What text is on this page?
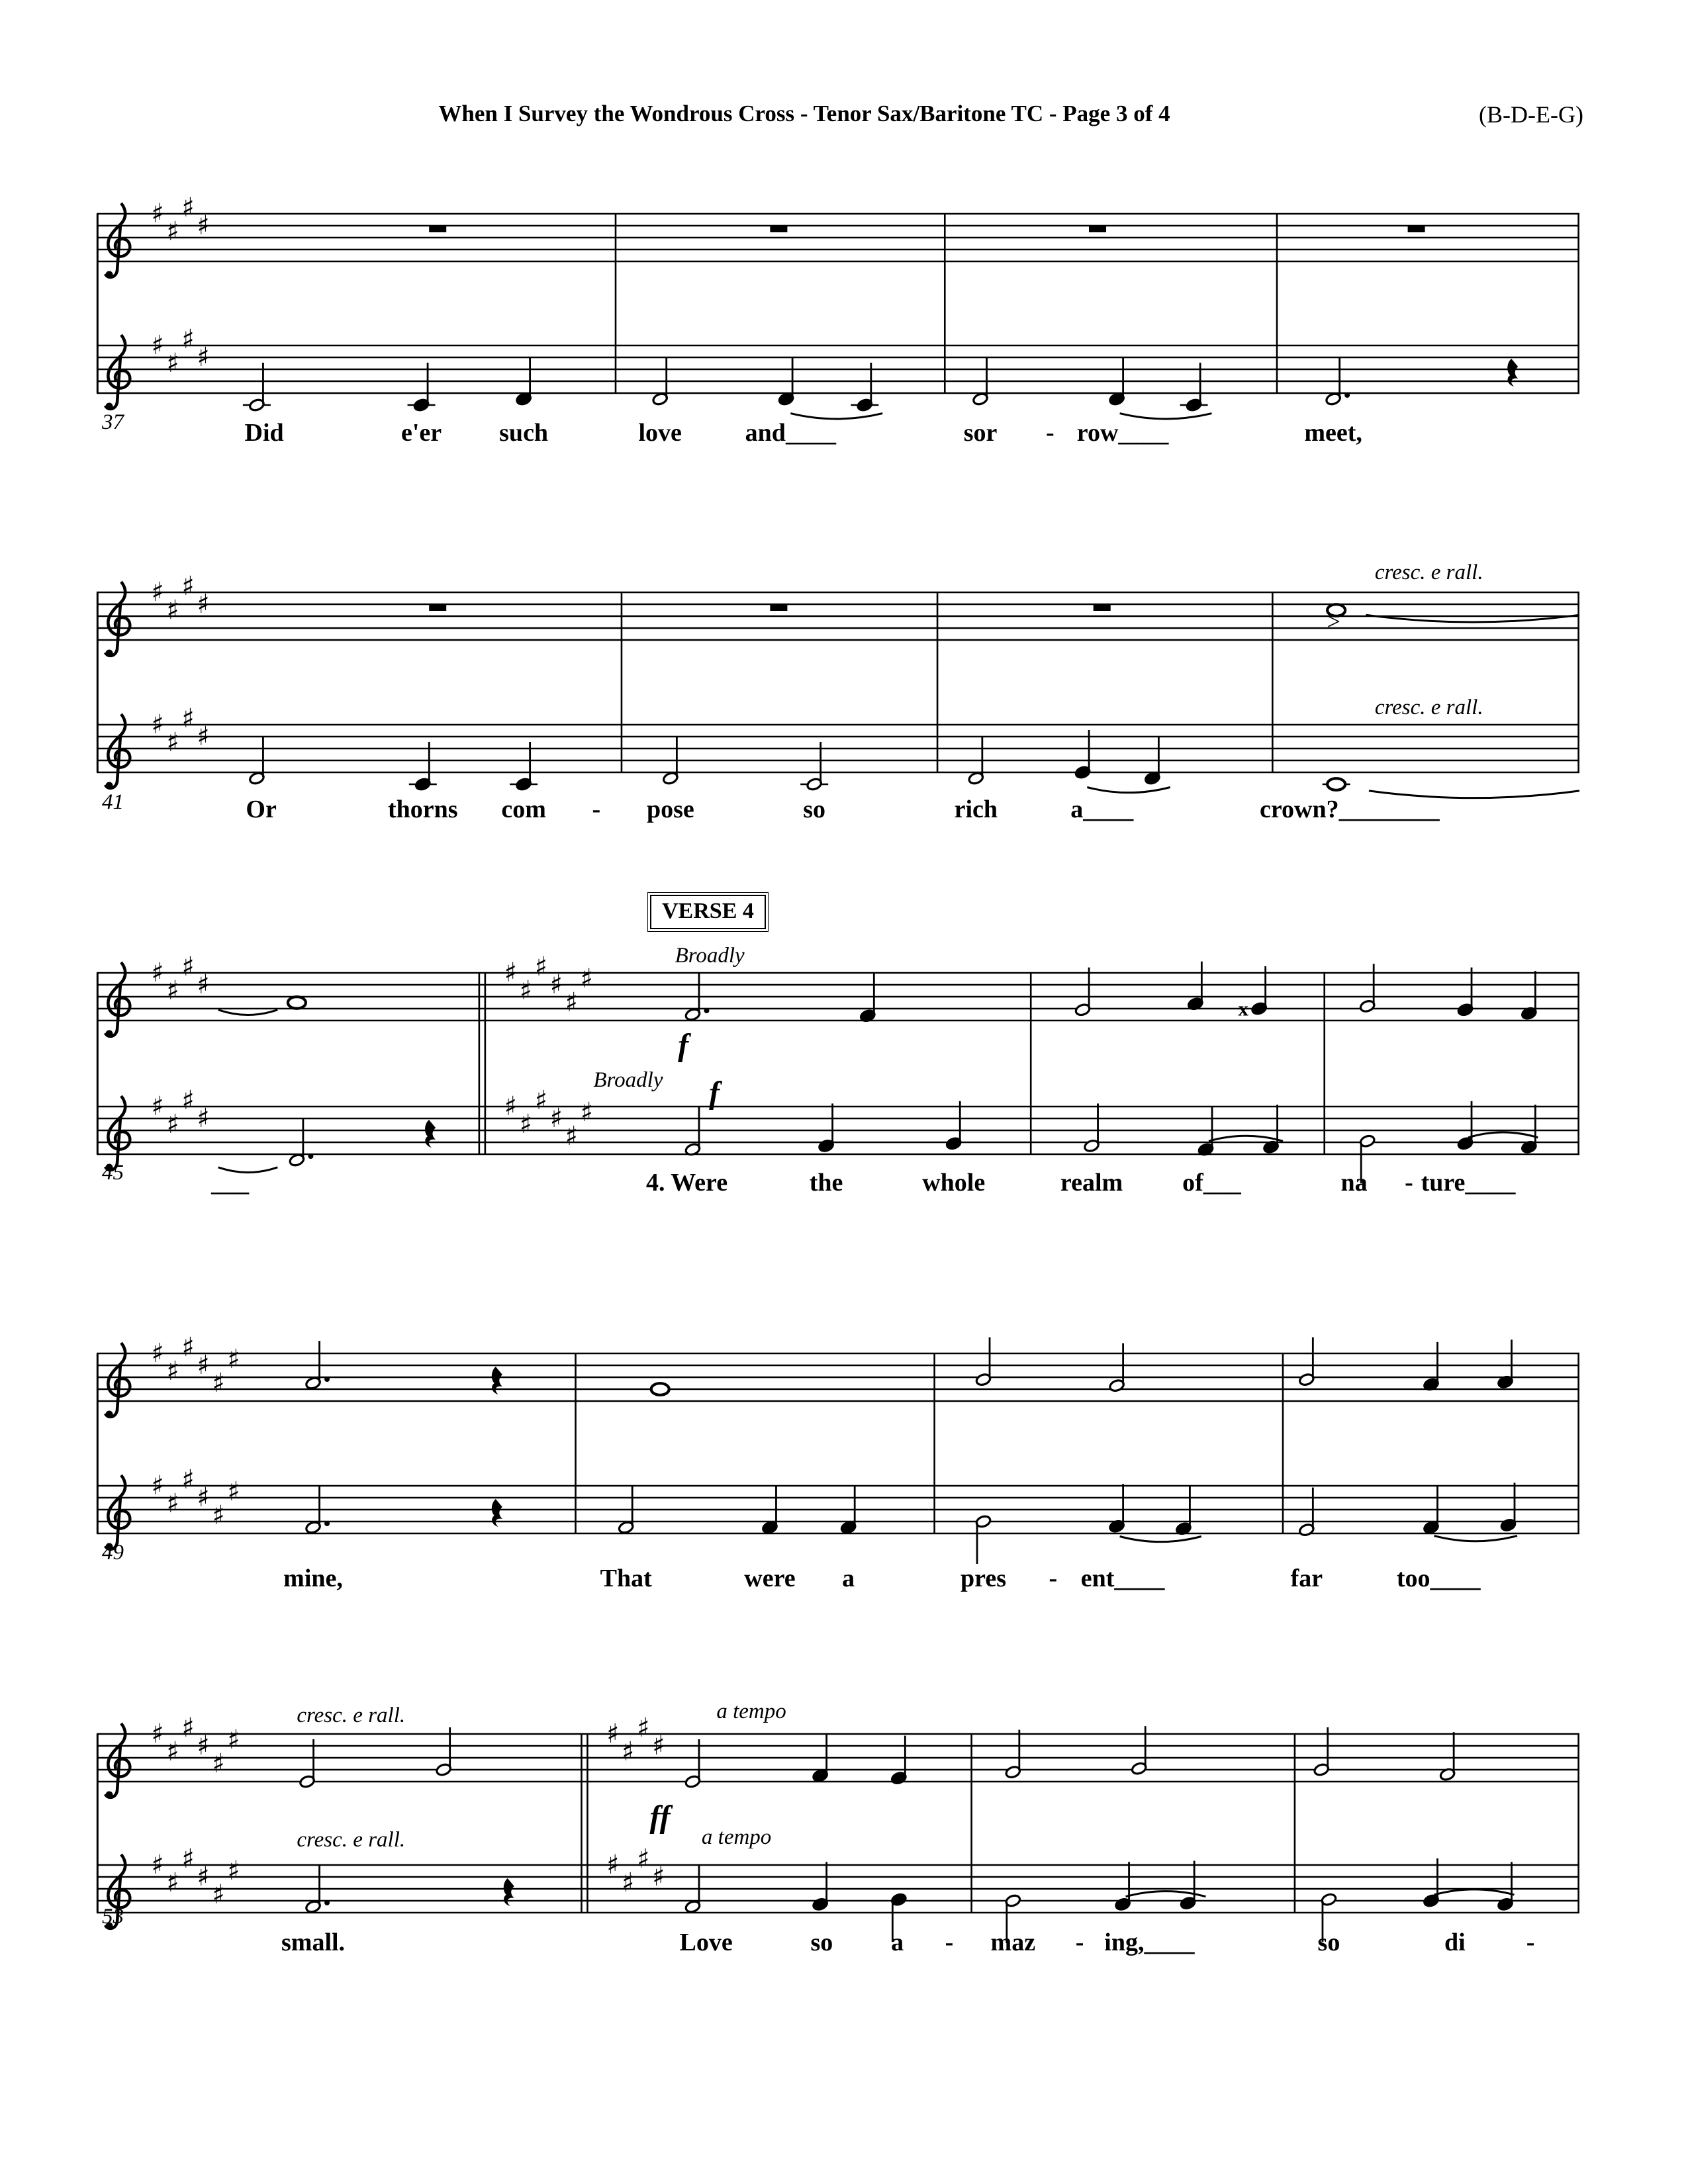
When I Survey the Wondrous Cross - Tenor Sax/Baritone TC - Page 3 of 4	(B-D-E-G)
VERSE 4
♯
♯
♯
♯
♯
♯
♯
♯
37	Did	e'er such	love	and____	sor - row____	meet,
♯
♯
♯
♯
>
♯
♯
♯
♯
41	Or	thorns com - pose	so	rich	a____	crown?________
cresc. e rall.
cresc. e rall.
♯
♯
♯
♯	♯
♯
♯
♯
♯
♯
x
♯
♯
♯
♯	♯
♯
♯
♯
♯
♯
45	___	4. Were	the	whole	realm of___	na - ture____
Broadly
f
Broadly f
♯
♯
♯
♯
♯
♯
♯
♯
♯
♯
♯
♯
49
mine,	That	were a	pres - ent____	far	too____
♯
♯
♯
♯
♯
♯	♯
♯
♯
♯
♯
♯
♯
♯
♯
♯	♯
♯
♯
♯
53
small.	Love	so a - maz - ing,____	so	di -
cresc. e rall.	a tempo
cresc. e rall.
ff
a tempo
